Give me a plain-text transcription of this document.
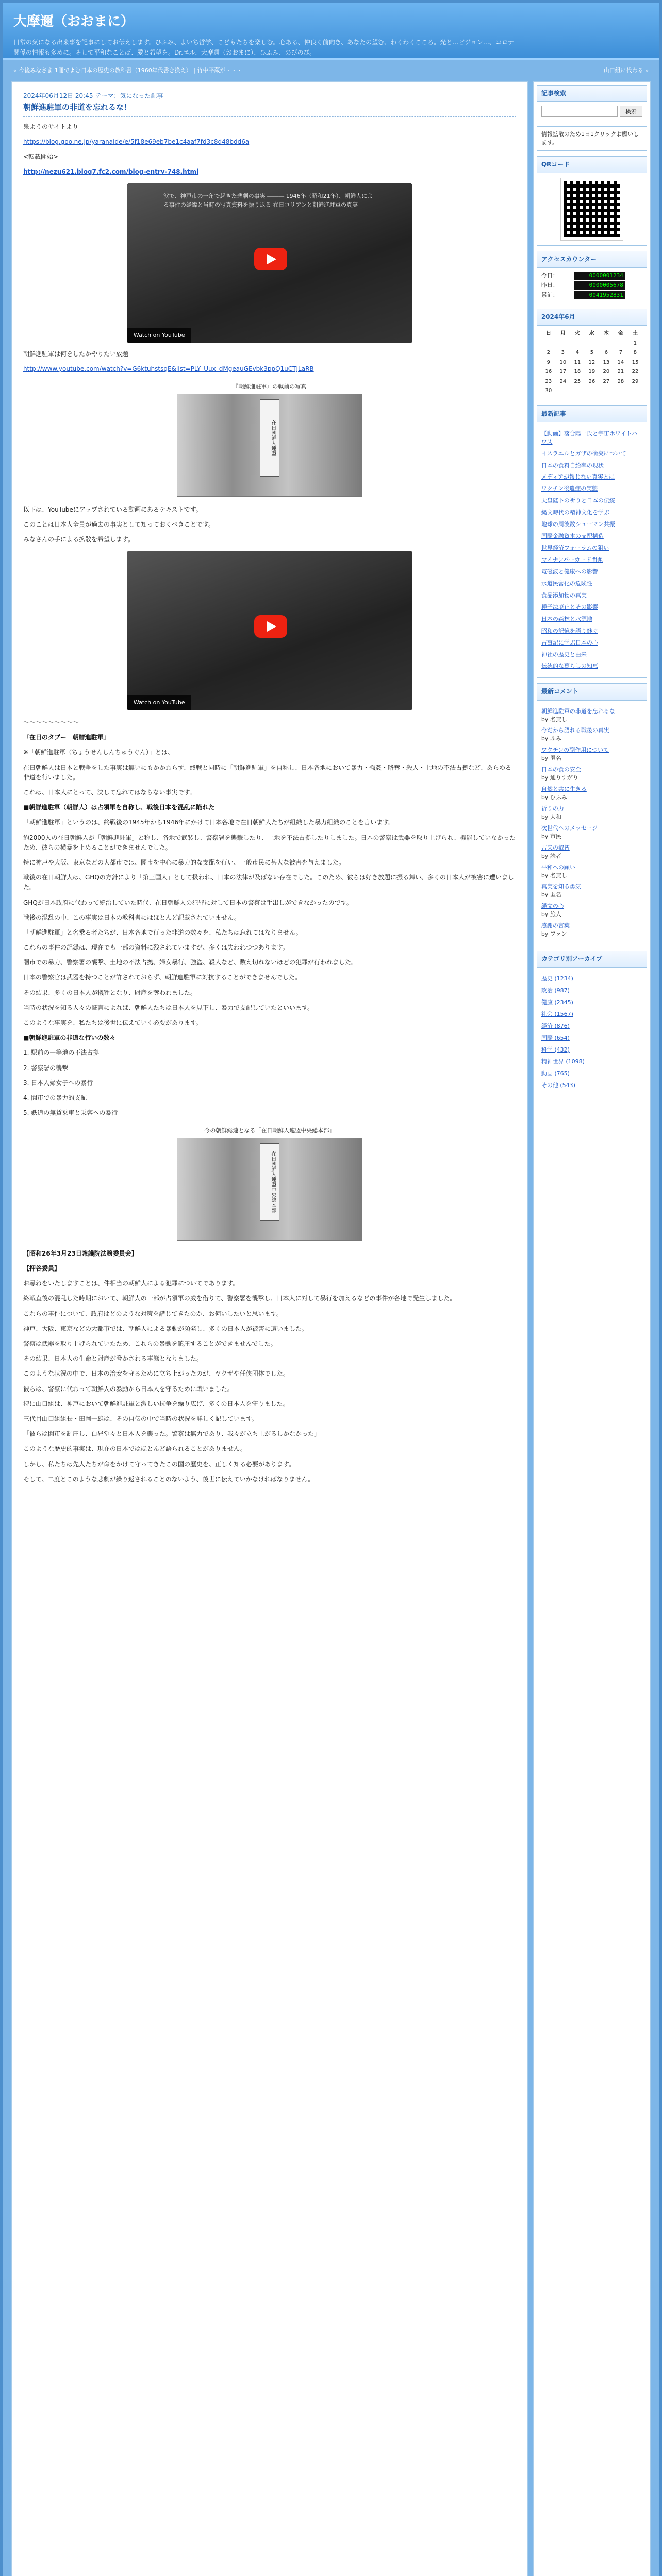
大摩邇（おおまに）
日常の気になる出来事を記事にしてお伝えします。ひふみ、よいち哲学、こどもたちを楽しむ。心ある、仲良く前向き、あなたの望む、わくわくこころ。光と…ビジョン…、コロナ関係の情報も多めに。そして平和なことば、愛と希望を。Dr.エル、大摩邇（おおまに）、ひふみ、のびのび。
« 今後みなさま 1冊でよむ日本の歴史の教科書（1960年代書き換え） | 竹中平蔵が・・・	山口組に代わる »
2024年06月12日 20:45 テーマ：気になった記事
朝鮮進駐軍の非道を忘れるな！
泉ようのサイトより
https://blog.goo.ne.jp/yaranaide/e/5f18e69eb7be1c4aaf7fd3c8d48bdd6a
<転載開始>
http://nezu621.blog7.fc2.com/blog-entry-748.html
涙で、神戸市の一角で起きた悲劇の事実 ――― 1946年（昭和21年）、朝鮮人による事件の経緯と当時の写真資料を振り返る 在日コリアンと朝鮮進駐軍の真実
Watch on YouTube
朝鮮進駐軍は何をしたかやりたい放題
http://www.youtube.com/watch?v=G6ktuhstsqE&list=PLY_Uux_dMgeauGEvbk3ppQ1uCTJLaRB
『朝鮮進駐軍』の戦前の写真
在日朝鮮人連盟
以下は、YouTubeにアップされている動画にあるテキストです。
このことは日本人全員が過去の事実として知っておくべきことです。
みなさんの手による拡散を希望します。
Watch on YouTube
～～～～～～～～～
『在日のタブー　朝鮮進駐軍』
※「朝鮮進駐軍（ちょうせんしんちゅうぐん）」とは、
在日朝鮮人は日本と戦争をした事実は無いにもかかわらず、終戦と同時に「朝鮮進駐軍」を自称し、日本各地において暴力・強姦・略奪・殺人・土地の不法占拠など、あらゆる非道を行いました。
これは、日本人にとって、決して忘れてはならない事実です。
■朝鮮進駐軍（朝鮮人）は占領軍を自称し、戦後日本を混乱に陥れた
「朝鮮進駐軍」というのは、終戦後の1945年から1946年にかけて日本各地で在日朝鮮人たちが組織した暴力組織のことを言います。
約2000人の在日朝鮮人が「朝鮮進駐軍」と称し、各地で武装し、警察署を襲撃したり、土地を不法占拠したりしました。日本の警察は武器を取り上げられ、機能していなかったため、彼らの横暴を止めることができませんでした。
特に神戸や大阪、東京などの大都市では、闇市を中心に暴力的な支配を行い、一般市民に甚大な被害を与えました。
戦後の在日朝鮮人は、GHQの方針により「第三国人」として扱われ、日本の法律が及ばない存在でした。このため、彼らは好き放題に振る舞い、多くの日本人が被害に遭いました。
GHQが日本政府に代わって統治していた時代、在日朝鮮人の犯罪に対して日本の警察は手出しができなかったのです。
戦後の混乱の中、この事実は日本の教科書にはほとんど記載されていません。
「朝鮮進駐軍」と名乗る者たちが、日本各地で行った非道の数々を、私たちは忘れてはなりません。
これらの事件の記録は、現在でも一部の資料に残されていますが、多くは失われつつあります。
闇市での暴力、警察署の襲撃、土地の不法占拠、婦女暴行、強盗、殺人など、数え切れないほどの犯罪が行われました。
日本の警察官は武器を持つことが許されておらず、朝鮮進駐軍に対抗することができませんでした。
その結果、多くの日本人が犠牲となり、財産を奪われました。
当時の状況を知る人々の証言によれば、朝鮮人たちは日本人を見下し、暴力で支配していたといいます。
このような事実を、私たちは後世に伝えていく必要があります。
■朝鮮進駐軍の非道な行いの数々
1. 駅前の一等地の不法占拠
2. 警察署の襲撃
3. 日本人婦女子への暴行
4. 闇市での暴力的支配
5. 鉄道の無賃乗車と乗客への暴行
今の朝鮮総連となる「在日朝鮮人連盟中央総本部」
在日朝鮮人連盟中央総本部
【昭和26年3月23日衆議院法務委員会】
【押谷委員】
お尋ねをいたしますことは、件相当の朝鮮人による犯罪についてであります。
終戦直後の混乱した時期において、朝鮮人の一部が占領軍の威を借りて、警察署を襲撃し、日本人に対して暴行を加えるなどの事件が各地で発生しました。
これらの事件について、政府はどのような対策を講じてきたのか、お伺いしたいと思います。
神戸、大阪、東京などの大都市では、朝鮮人による暴動が頻発し、多くの日本人が被害に遭いました。
警察は武器を取り上げられていたため、これらの暴動を鎮圧することができませんでした。
その結果、日本人の生命と財産が脅かされる事態となりました。
このような状況の中で、日本の治安を守るために立ち上がったのが、ヤクザや任侠団体でした。
彼らは、警察に代わって朝鮮人の暴動から日本人を守るために戦いました。
特に山口組は、神戸において朝鮮進駐軍と激しい抗争を繰り広げ、多くの日本人を守りました。
三代目山口組組長・田岡一雄は、その自伝の中で当時の状況を詳しく記しています。
「彼らは闇市を制圧し、白昼堂々と日本人を襲った。警察は無力であり、我々が立ち上がるしかなかった」
このような歴史的事実は、現在の日本ではほとんど語られることがありません。
しかし、私たちは先人たちが命をかけて守ってきたこの国の歴史を、正しく知る必要があります。
そして、二度とこのような悲劇が繰り返されることのないよう、後世に伝えていかなければなりません。
記事検索
検索
情報拡散のため1日1クリックお願いします。
QRコード
アクセスカウンター
今日：	0000001234
昨日：	0000005678
累計：	0041952831
2024年6月
日	月	火	水	木	金	土
						1
2	3	4	5	6	7	8
9	10	11	12	13	14	15
16	17	18	19	20	21	22
23	24	25	26	27	28	29
30						
最新記事
【動画】落合陽一氏と宇宙ホワイトハウス
イスラエルとガザの衝突について
日本の食料自給率の現状
メディアが報じない真実とは
ワクチン後遺症の実態
天皇陛下の祈りと日本の伝統
縄文時代の精神文化を学ぶ
地球の周波数シューマン共振
国際金融資本の支配構造
世界経済フォーラムの狙い
マイナンバーカード問題
電磁波と健康への影響
水道民営化の危険性
食品添加物の真実
種子法廃止とその影響
日本の森林と水源地
昭和の記憶を語り継ぐ
古事記に学ぶ日本の心
神社の歴史と由来
伝統的な暮らしの知恵
最新コメント
朝鮮進駐軍の非道を忘れるな
by 名無し
今だから語れる戦後の真実
by ふみ
ワクチンの副作用について
by 匿名
日本の食の安全
by 通りすがり
自然と共に生きる
by ひふみ
祈りの力
by 大和
次世代へのメッセージ
by 市民
古来の叡智
by 読者
平和への願い
by 名無し
真実を知る勇気
by 匿名
縄文の心
by 旅人
感謝の言葉
by ファン
カテゴリ別アーカイブ
歴史 (1234)
政治 (987)
健康 (2345)
社会 (1567)
経済 (876)
国際 (654)
科学 (432)
精神世界 (1098)
動画 (765)
その他 (543)
